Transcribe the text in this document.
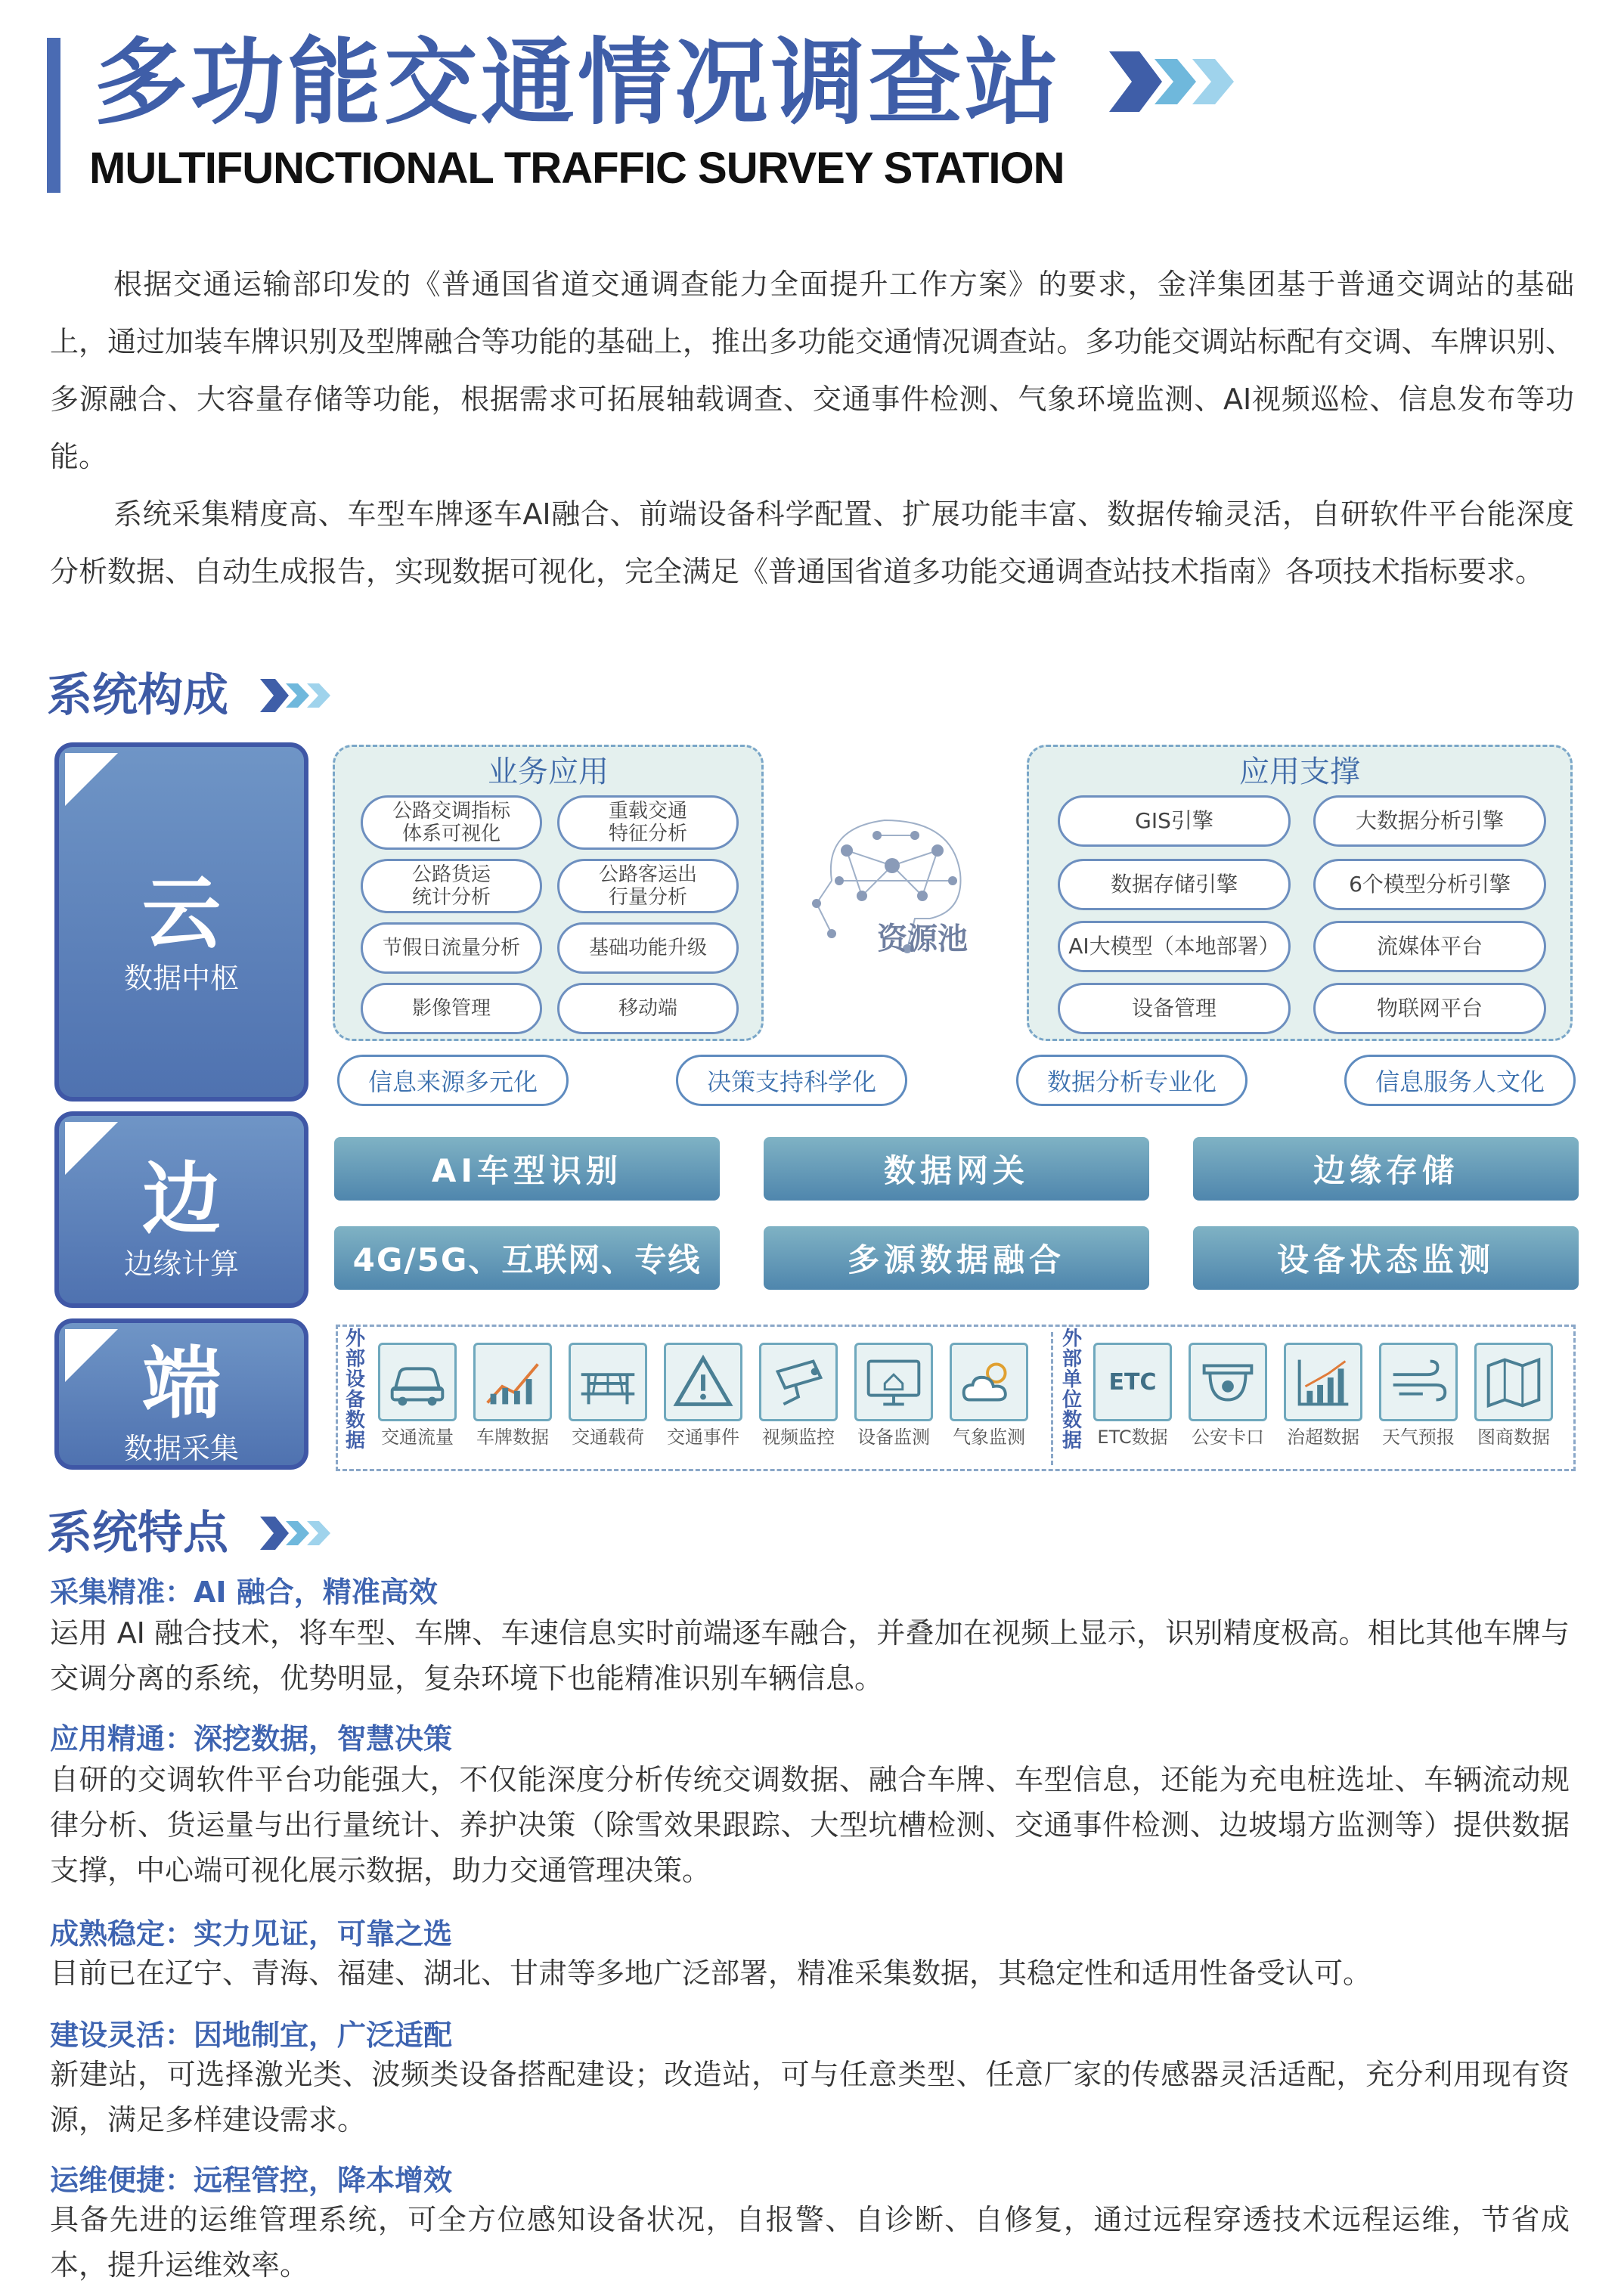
多功能交通情况调查站
MULTIFUNCTIONAL TRAFFIC SURVEY STATION
根据交通运输部印发的《普通国省道交通调查能力全面提升工作方案》的要求，金洋集团基于普通交调站的基础上，通过加装车牌识别及型牌融合等功能的基础上，推出多功能交通情况调查站。多功能交调站标配有交调、车牌识别、多源融合、大容量存储等功能，根据需求可拓展轴载调查、交通事件检测、气象环境监测、AI视频巡检、信息发布等功能。
系统采集精度高、车型车牌逐车AI融合、前端设备科学配置、扩展功能丰富、数据传输灵活，自研软件平台能深度分析数据、自动生成报告，实现数据可视化，完全满足《普通国省道多功能交通调查站技术指南》各项技术指标要求。
系统构成
云
数据中枢
边
边缘计算
端
数据采集
业务应用
公路交调指标
体系可视化
重载交通
特征分析
公路货运
统计分析
公路客运出
行量分析
节假日流量分析	基础功能升级
影像管理	移动端
资源池
应用支撑
GIS引擎	大数据分析引擎
数据存储引擎	6个模型分析引擎
AI大模型（本地部署）	流媒体平台
设备管理	物联网平台
信息来源多元化	决策支持科学化	数据分析专业化	信息服务人文化
AI车型识别	数据网关	边缘存储
4G/5G、互联网、专线	多源数据融合	设备状态监测
外部设备数据
外部单位数据
交通流量	车牌数据	交通载荷	交通事件	视频监控	设备监测	气象监测
ETC
ETC数据	公安卡口	治超数据	天气预报	图商数据
系统特点
采集精准：AI 融合，精准高效
运用 AI 融合技术，将车型、车牌、车速信息实时前端逐车融合，并叠加在视频上显示，识别精度极高。相比其他车牌与交调分离的系统，优势明显，复杂环境下也能精准识别车辆信息。
应用精通：深挖数据，智慧决策
自研的交调软件平台功能强大，不仅能深度分析传统交调数据、融合车牌、车型信息，还能为充电桩选址、车辆流动规律分析、货运量与出行量统计、养护决策（除雪效果跟踪、大型坑槽检测、交通事件检测、边坡塌方监测等）提供数据支撑，中心端可视化展示数据，助力交通管理决策。
成熟稳定：实力见证，可靠之选
目前已在辽宁、青海、福建、湖北、甘肃等多地广泛部署，精准采集数据，其稳定性和适用性备受认可。
建设灵活：因地制宜，广泛适配
新建站，可选择激光类、波频类设备搭配建设；改造站，可与任意类型、任意厂家的传感器灵活适配，充分利用现有资源，满足多样建设需求。
运维便捷：远程管控，降本增效
具备先进的运维管理系统，可全方位感知设备状况，自报警、自诊断、自修复，通过远程穿透技术远程运维，节省成本，提升运维效率。
